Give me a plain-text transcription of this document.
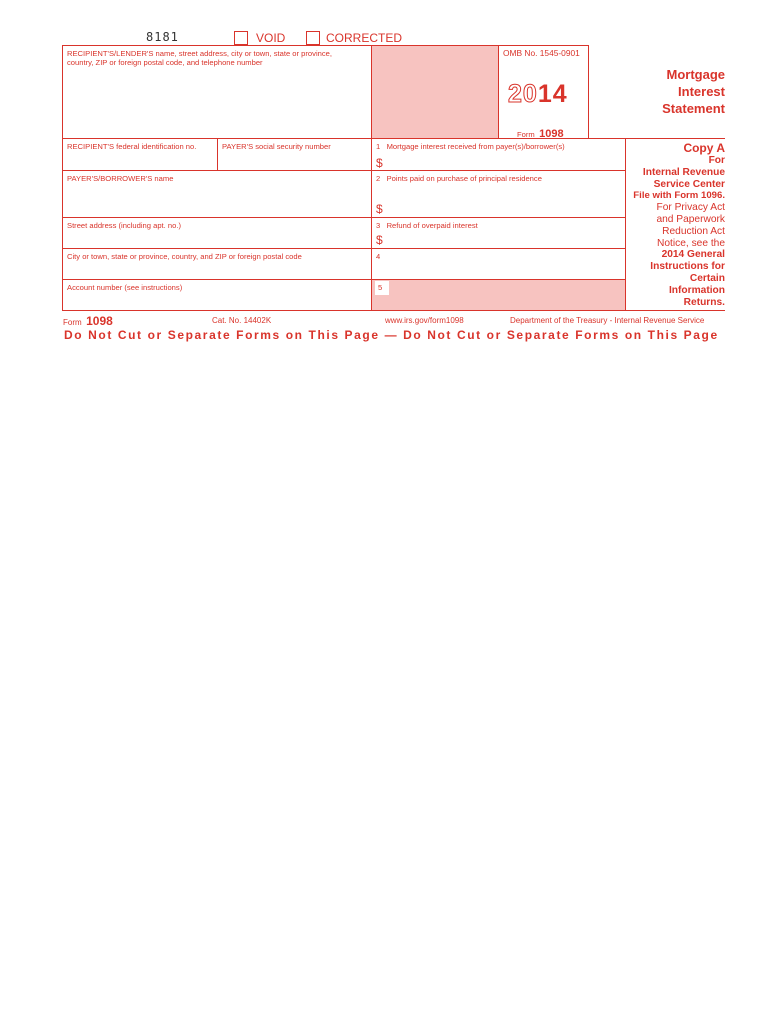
8181	VOID	CORRECTED
RECIPIENT'S/LENDER'S name, street address, city or town, state or province,
country, ZIP or foreign postal code, and telephone number
OMB No. 1545-0901
2014
Form 1098
Mortgage
Interest
Statement
RECIPIENT'S federal identification no.	PAYER'S social security number	1 Mortgage interest received from payer(s)/borrower(s)
$
PAYER'S/BORROWER'S name	2 Points paid on purchase of principal residence
$
Street address (including apt. no.)	3 Refund of overpaid interest
$
City or town, state or province, country, and ZIP or foreign postal code	4
Account number (see instructions)	5
Copy A
For
Internal Revenue
Service Center
File with Form 1096.
For Privacy Act
and Paperwork
Reduction Act
Notice, see the
2014 General
Instructions for
Certain
Information
Returns.
Form 1098	Cat. No. 14402K	www.irs.gov/form1098	Department of the Treasury - Internal Revenue Service
Do Not Cut or Separate Forms on This Page — Do Not Cut or Separate Forms on This Page
